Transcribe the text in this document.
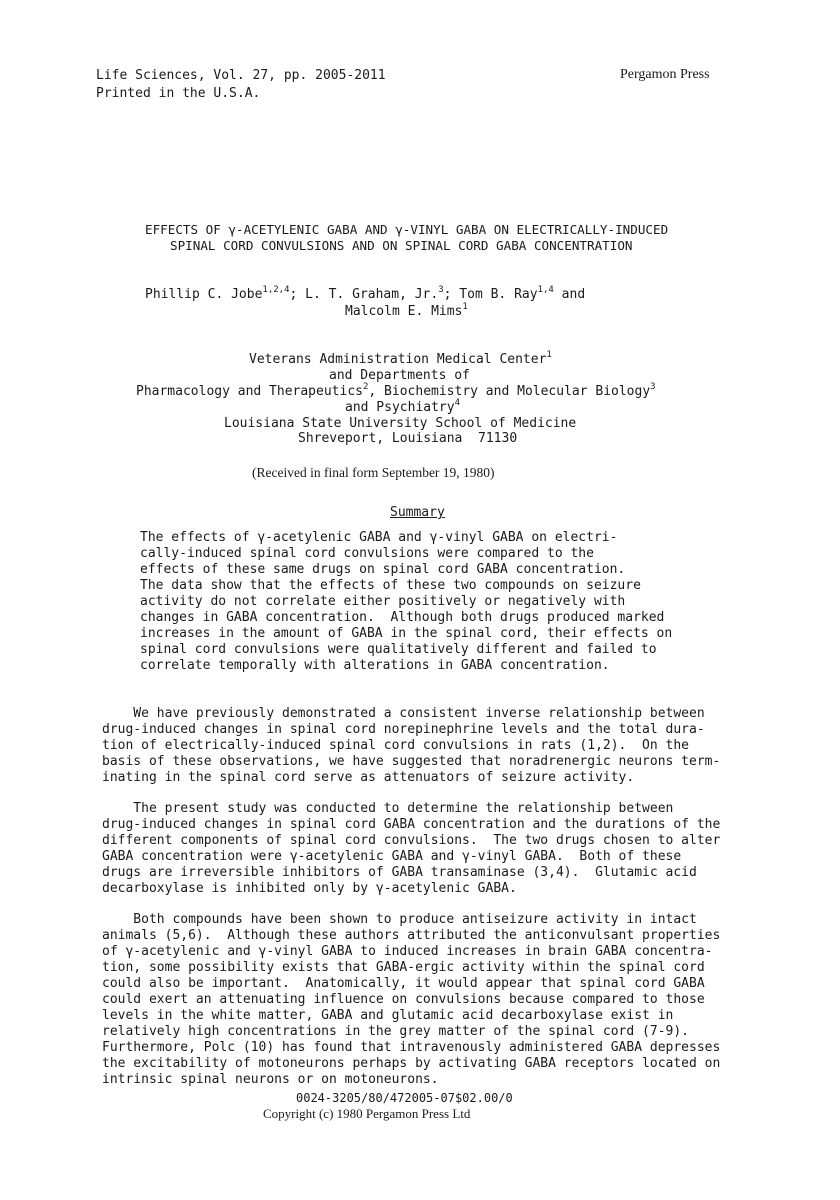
Life Sciences, Vol. 27, pp. 2005-2011
Printed in the U.S.A.
Pergamon Press
EFFECTS OF γ-ACETYLENIC GABA AND γ-VINYL GABA ON ELECTRICALLY-INDUCED
SPINAL CORD CONVULSIONS AND ON SPINAL CORD GABA CONCENTRATION
Phillip C. Jobe$^{1,2,4}$; L. T. Graham, Jr.$^3$; Tom B. Ray$^{1,4}$ and
Malcolm E. Mims$^1$
Veterans Administration Medical Center$^1$
and Departments of
Pharmacology and Therapeutics$^2$, Biochemistry and Molecular Biology$^3$
and Psychiatry$^4$
Louisiana State University School of Medicine
Shreveport, Louisiana  71130
(Received in final form September 19, 1980)
Summary
The effects of γ-acetylenic GABA and γ-vinyl GABA on electri-
cally-induced spinal cord convulsions were compared to the
effects of these same drugs on spinal cord GABA concentration.
The data show that the effects of these two compounds on seizure
activity do not correlate either positively or negatively with
changes in GABA concentration.  Although both drugs produced marked
increases in the amount of GABA in the spinal cord, their effects on
spinal cord convulsions were qualitatively different and failed to
correlate temporally with alterations in GABA concentration.
We have previously demonstrated a consistent inverse relationship between
drug-induced changes in spinal cord norepinephrine levels and the total dura-
tion of electrically-induced spinal cord convulsions in rats (1,2).  On the
basis of these observations, we have suggested that noradrenergic neurons term-
inating in the spinal cord serve as attenuators of seizure activity.
The present study was conducted to determine the relationship between
drug-induced changes in spinal cord GABA concentration and the durations of the
different components of spinal cord convulsions.  The two drugs chosen to alter
GABA concentration were γ-acetylenic GABA and γ-vinyl GABA.  Both of these
drugs are irreversible inhibitors of GABA transaminase (3,4).  Glutamic acid
decarboxylase is inhibited only by γ-acetylenic GABA.
Both compounds have been shown to produce antiseizure activity in intact
animals (5,6).  Although these authors attributed the anticonvulsant properties
of γ-acetylenic and γ-vinyl GABA to induced increases in brain GABA concentra-
tion, some possibility exists that GABA-ergic activity within the spinal cord
could also be important.  Anatomically, it would appear that spinal cord GABA
could exert an attenuating influence on convulsions because compared to those
levels in the white matter, GABA and glutamic acid decarboxylase exist in
relatively high concentrations in the grey matter of the spinal cord (7-9).
Furthermore, Polc (10) has found that intravenously administered GABA depresses
the excitability of motoneurons perhaps by activating GABA receptors located on
intrinsic spinal neurons or on motoneurons.
0024-3205/80/472005-07$02.00/0
Copyright (c) 1980 Pergamon Press Ltd
